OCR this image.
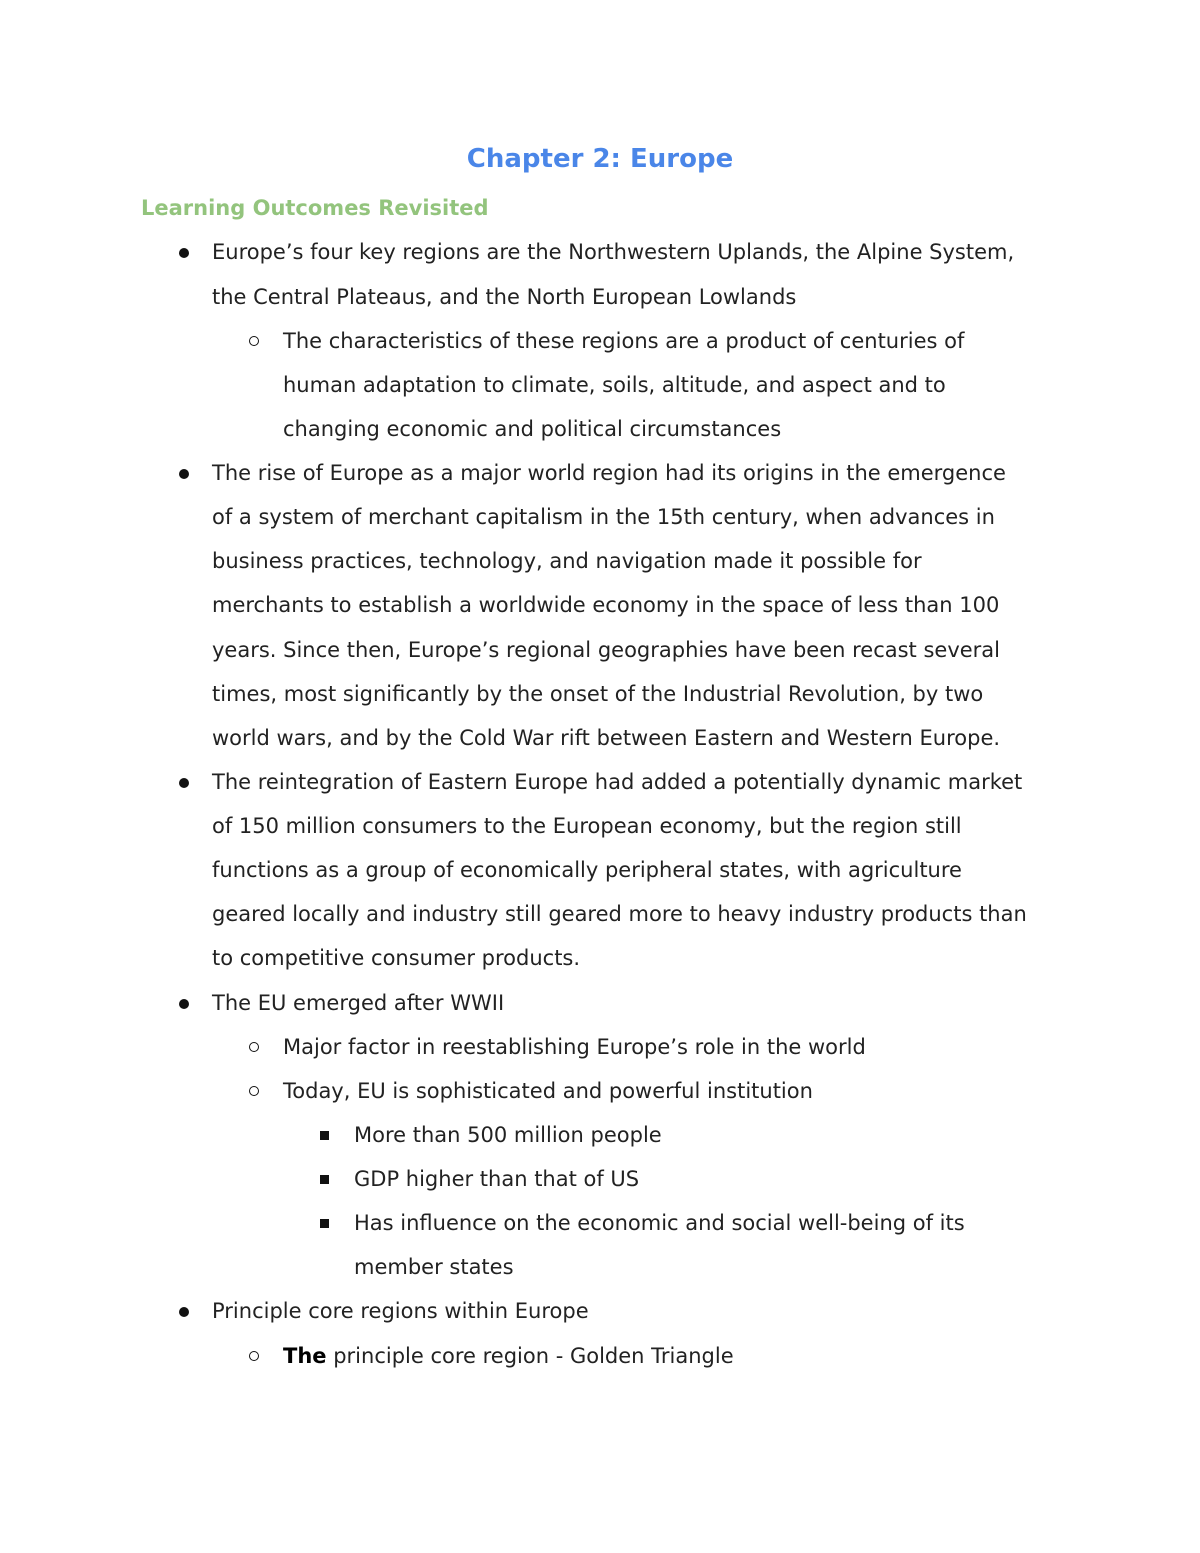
Chapter 2: Europe
Learning Outcomes Revisited
Europe’s four key regions are the Northwestern Uplands, the Alpine System,
the Central Plateaus, and the North European Lowlands
The characteristics of these regions are a product of centuries of
human adaptation to climate, soils, altitude, and aspect and to
changing economic and political circumstances
The rise of Europe as a major world region had its origins in the emergence
of a system of merchant capitalism in the 15th century, when advances in
business practices, technology, and navigation made it possible for
merchants to establish a worldwide economy in the space of less than 100
years. Since then, Europe’s regional geographies have been recast several
times, most significantly by the onset of the Industrial Revolution, by two
world wars, and by the Cold War rift between Eastern and Western Europe.
The reintegration of Eastern Europe had added a potentially dynamic market
of 150 million consumers to the European economy, but the region still
functions as a group of economically peripheral states, with agriculture
geared locally and industry still geared more to heavy industry products than
to competitive consumer products.
The EU emerged after WWII
Major factor in reestablishing Europe’s role in the world
Today, EU is sophisticated and powerful institution
More than 500 million people
GDP higher than that of US
Has influence on the economic and social well-being of its
member states
Principle core regions within Europe
The principle core region - Golden Triangle
